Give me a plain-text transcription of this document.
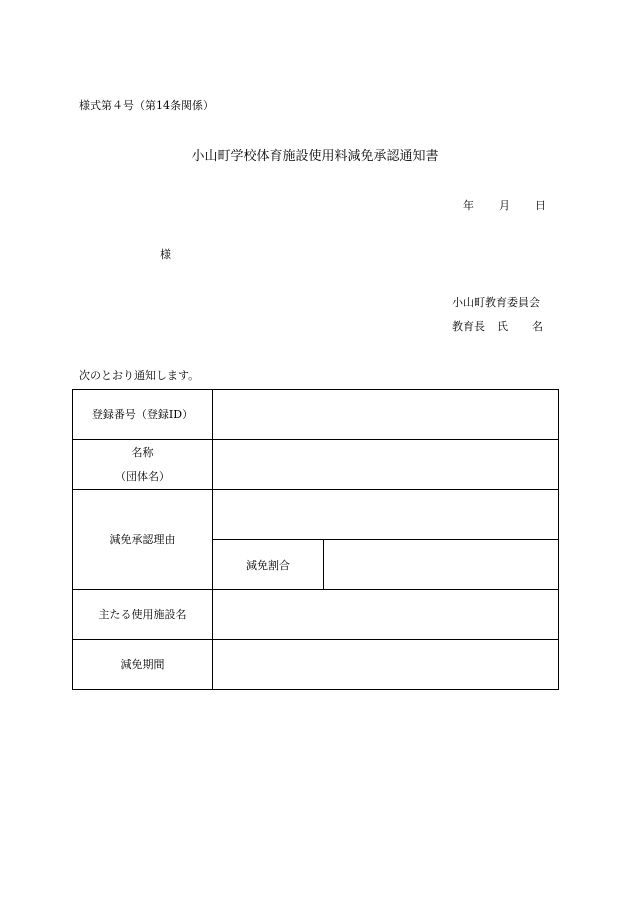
様式第４号（第14条関係）
小山町学校体育施設使用料減免承認通知書
年 月 日
様
小山町教育委員会
教育長 氏 名
次のとおり通知します。
登録番号（登録ID）		

名称
（団体名）		

減免承認理由		
	減免割合	
主たる使用施設名		
減免期間		
